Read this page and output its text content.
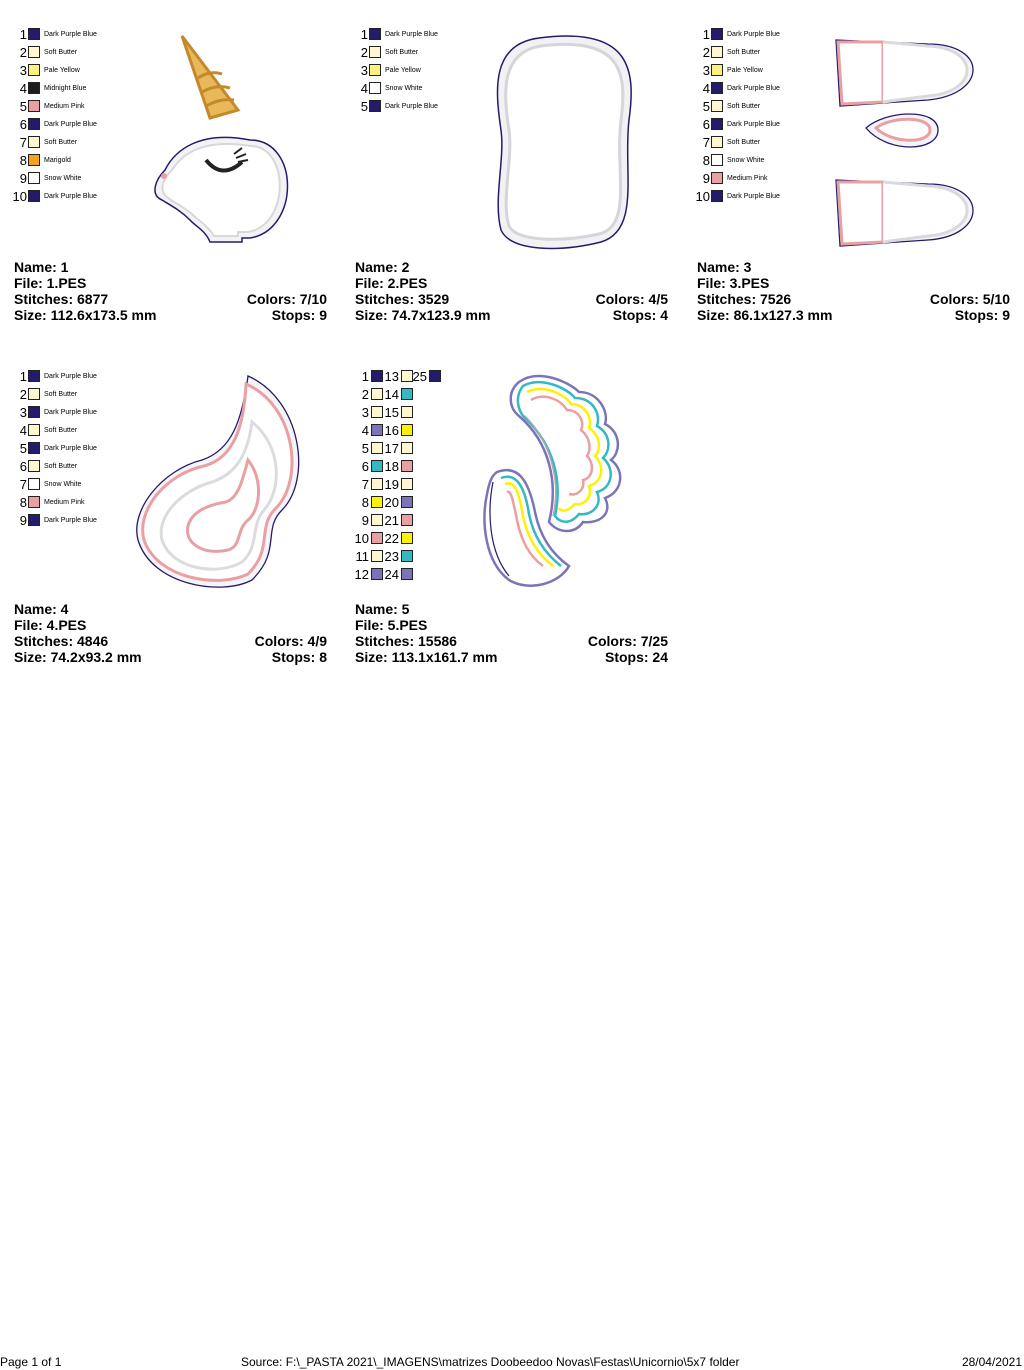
1 Dark Purple Blue
2 Soft Butter
3 Pale Yellow
4 Midnight Blue
5 Medium Pink
6 Dark Purple Blue
7 Soft Butter
8 Marigold
9 Snow White
10 Dark Purple Blue
Name: 1
File: 1.PES
Stitches: 6877	Colors: 7/10
Size: 112.6x173.5 mm	Stops: 9
1 Dark Purple Blue
2 Soft Butter
3 Pale Yellow
4 Snow White
5 Dark Purple Blue
Name: 2
File: 2.PES
Stitches: 3529	Colors: 4/5
Size: 74.7x123.9 mm	Stops: 4
1 Dark Purple Blue
2 Soft Butter
3 Pale Yellow
4 Dark Purple Blue
5 Soft Butter
6 Dark Purple Blue
7 Soft Butter
8 Snow White
9 Medium Pink
10 Dark Purple Blue
Name: 3
File: 3.PES
Stitches: 7526	Colors: 5/10
Size: 86.1x127.3 mm	Stops: 9
1 Dark Purple Blue
2 Soft Butter
3 Dark Purple Blue
4 Soft Butter
5 Dark Purple Blue
6 Soft Butter
7 Snow White
8 Medium Pink
9 Dark Purple Blue
Name: 4
File: 4.PES
Stitches: 4846	Colors: 4/9
Size: 74.2x93.2 mm	Stops: 8
1
2
3
4
5
6
7
8
9
10
11
12
13
14
15
16
17
18
19
20
21
22
23
24
25
Name: 5
File: 5.PES
Stitches: 15586	Colors: 7/25
Size: 113.1x161.7 mm	Stops: 24
Page 1 of 1	Source: F:\_PASTA 2021\_IMAGENS\matrizes Doobeedoo Novas\Festas\Unicornio\5x7 folder	28/04/2021
